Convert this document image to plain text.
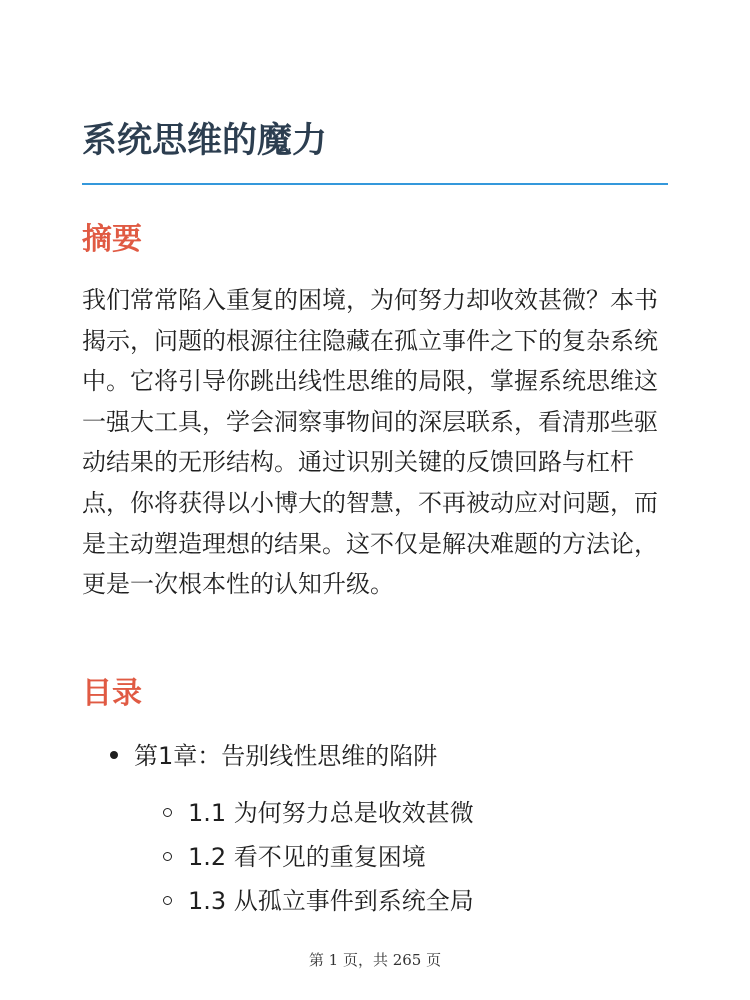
系统思维的魔力
摘要

我们常常陷入重复的困境，为何努力却收效甚微？本书揭示，问题的根源往往隐藏在孤立事件之下的复杂系统中。它将引导你跳出线性思维的局限，掌握系统思维这一强大工具，学会洞察事物间的深层联系，看清那些驱动结果的无形结构。通过识别关键的反馈回路与杠杆点，你将获得以小博大的智慧，不再被动应对问题，而是主动塑造理想的结果。这不仅是解决难题的方法论，更是一次根本性的认知升级。

目录
第1章：告别线性思维的陷阱
1.1 为何努力总是收效甚微
1.2 看不见的重复困境
1.3 从孤立事件到系统全局
第 1 页，共 265 页
